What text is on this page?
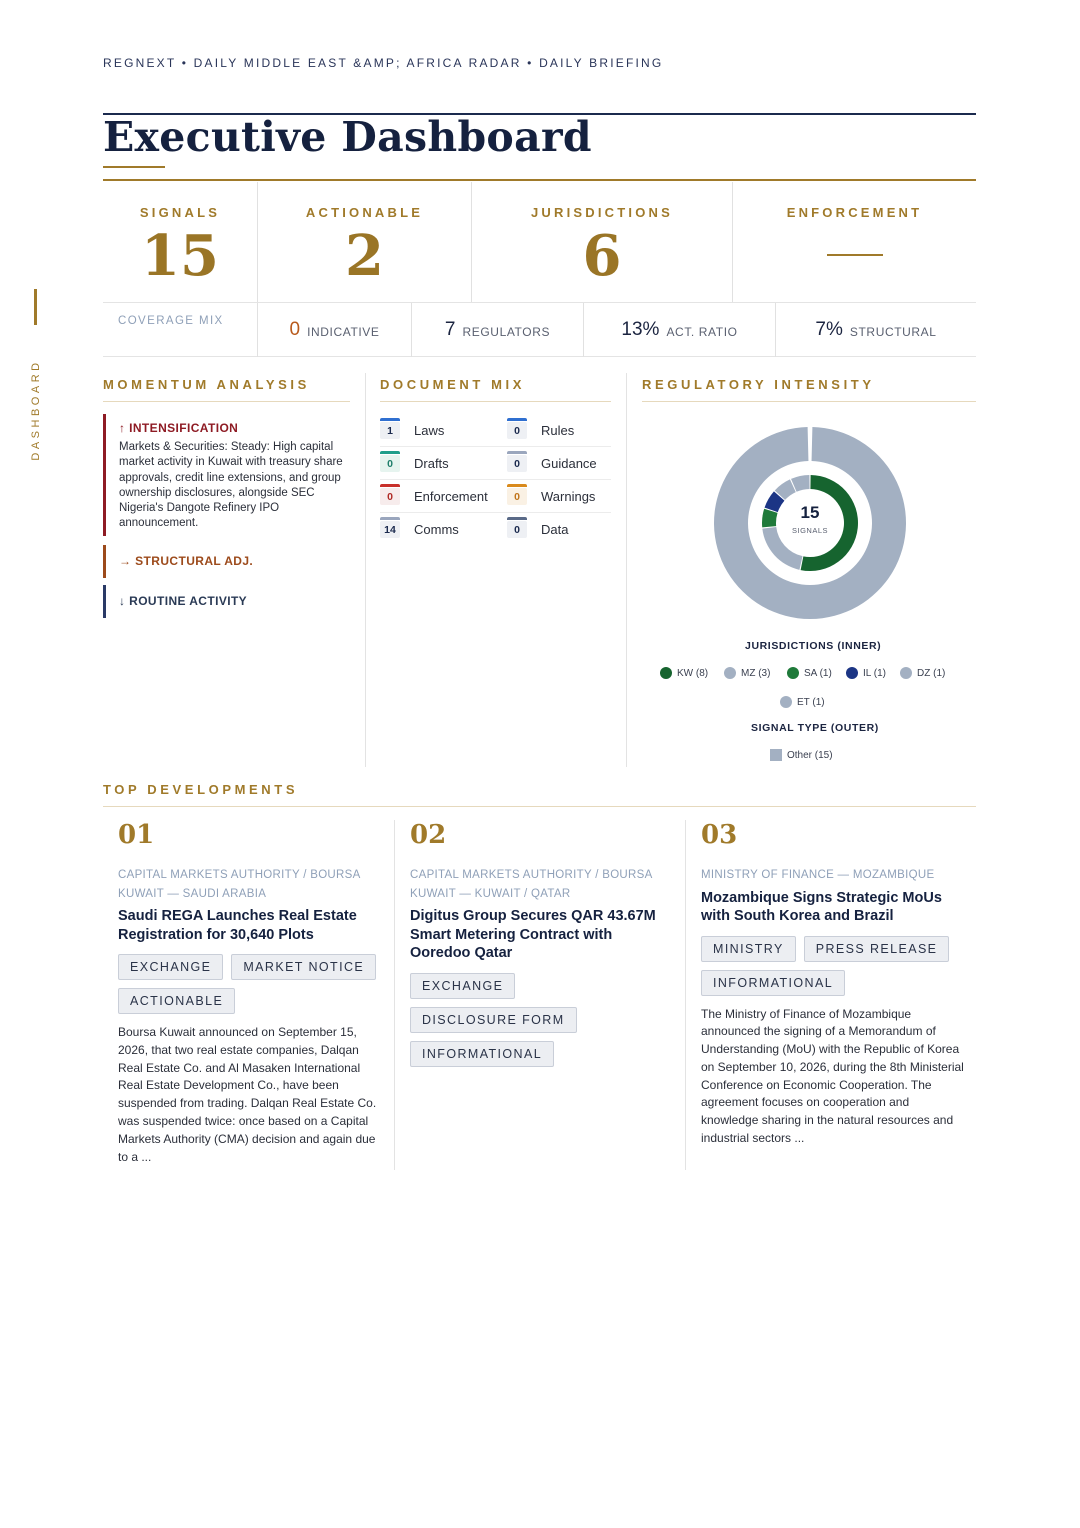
REGNEXT • DAILY MIDDLE EAST &AMP; AFRICA RADAR • DAILY BRIEFING
DASHBOARD
Executive Dashboard
SIGNALS
15
ACTIONABLE
2
JURISDICTIONS
6
ENFORCEMENT
COVERAGE MIX	0 INDICATIVE	7 REGULATORS	13% ACT. RATIO	7% STRUCTURAL
MOMENTUM ANALYSIS	DOCUMENT MIX	REGULATORY INTENSITY
↑ INTENSIFICATION
Markets & Securities: Steady: High capital market activity in Kuwait with treasury share approvals, credit line extensions, and group ownership disclosures, alongside SEC Nigeria's Dangote Refinery IPO announcement.
→ STRUCTURAL ADJ.
↓ ROUTINE ACTIVITY
1	Laws	0	Rules
0	Drafts	0	Guidance
0	Enforcement	0	Warnings
14	Comms	0	Data
15
SIGNALS
JURISDICTIONS (INNER)
KW (8)	MZ (3)	SA (1)	IL (1)	DZ (1)
ET (1)
SIGNAL TYPE (OUTER)
Other (15)
TOP DEVELOPMENTS
01
CAPITAL MARKETS AUTHORITY / BOURSA KUWAIT — SAUDI ARABIA
Saudi REGA Launches Real Estate Registration for 30,640 Plots
EXCHANGE	MARKET NOTICE
ACTIONABLE
Boursa Kuwait announced on September 15, 2026, that two real estate companies, Dalqan Real Estate Co. and Al Masaken International Real Estate Development Co., have been suspended from trading. Dalqan Real Estate Co. was suspended twice: once based on a Capital Markets Authority (CMA) decision and again due to a ...
02
CAPITAL MARKETS AUTHORITY / BOURSA KUWAIT — KUWAIT / QATAR
Digitus Group Secures QAR 43.67M Smart Metering Contract with Ooredoo Qatar
EXCHANGE
DISCLOSURE FORM
INFORMATIONAL
03
MINISTRY OF FINANCE — MOZAMBIQUE
Mozambique Signs Strategic MoUs with South Korea and Brazil
MINISTRY	PRESS RELEASE
INFORMATIONAL
The Ministry of Finance of Mozambique announced the signing of a Memorandum of Understanding (MoU) with the Republic of Korea on September 10, 2026, during the 8th Ministerial Conference on Economic Cooperation. The agreement focuses on cooperation and knowledge sharing in the natural resources and industrial sectors ...
